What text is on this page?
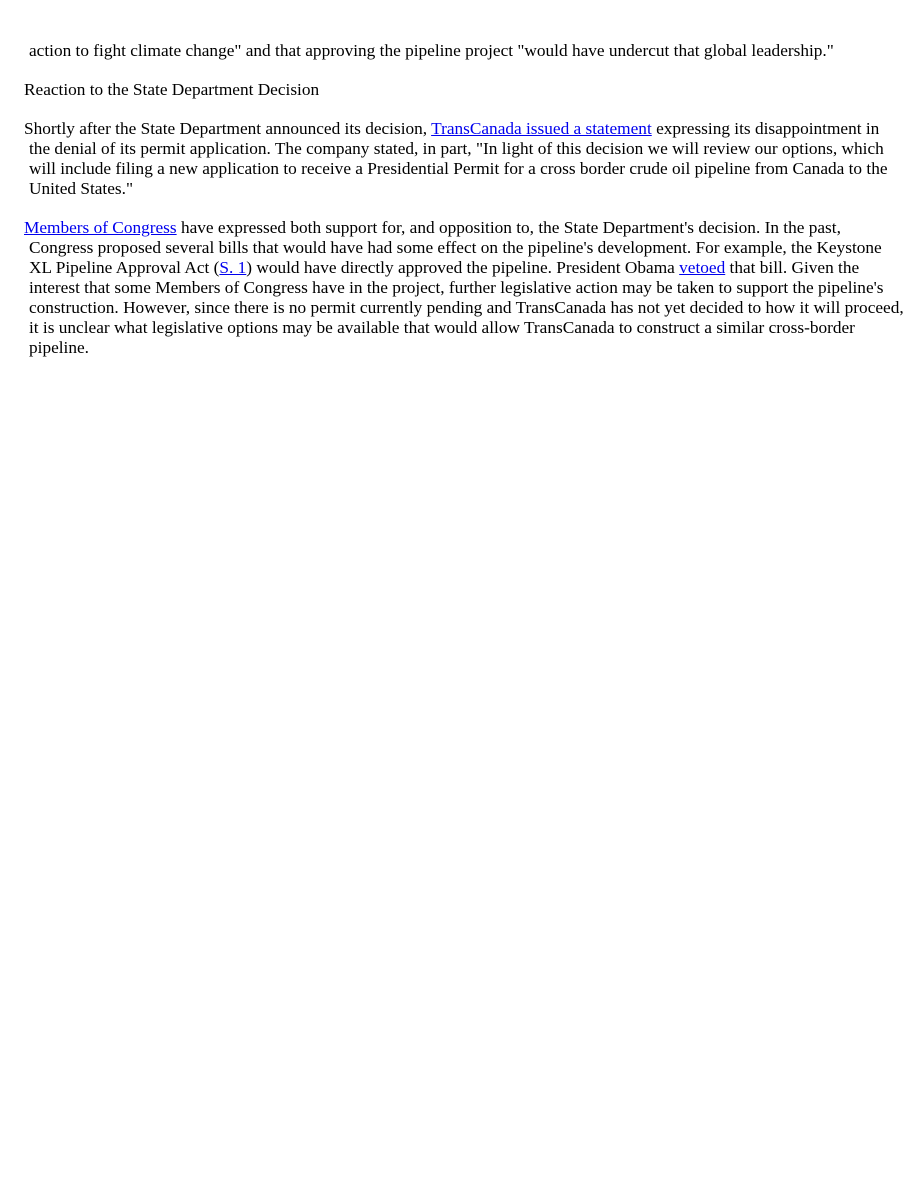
action to fight climate change" and that approving the pipeline project "would have undercut that global leadership."

Reaction to the State Department Decision

Shortly after the State Department announced its decision, TransCanada issued a statement expressing its disappointment in the denial of its permit application. The company stated, in part, "In light of this decision we will review our options, which will include filing a new application to receive a Presidential Permit for a cross border crude oil pipeline from Canada to the United States."

Members of Congress have expressed both support for, and opposition to, the State Department's decision. In the past, Congress proposed several bills that would have had some effect on the pipeline's development. For example, the Keystone XL Pipeline Approval Act (S. 1) would have directly approved the pipeline. President Obama vetoed that bill. Given the interest that some Members of Congress have in the project, further legislative action may be taken to support the pipeline's construction. However, since there is no permit currently pending and TransCanada has not yet decided to how it will proceed, it is unclear what legislative options may be available that would allow TransCanada to construct a similar cross-border pipeline.
